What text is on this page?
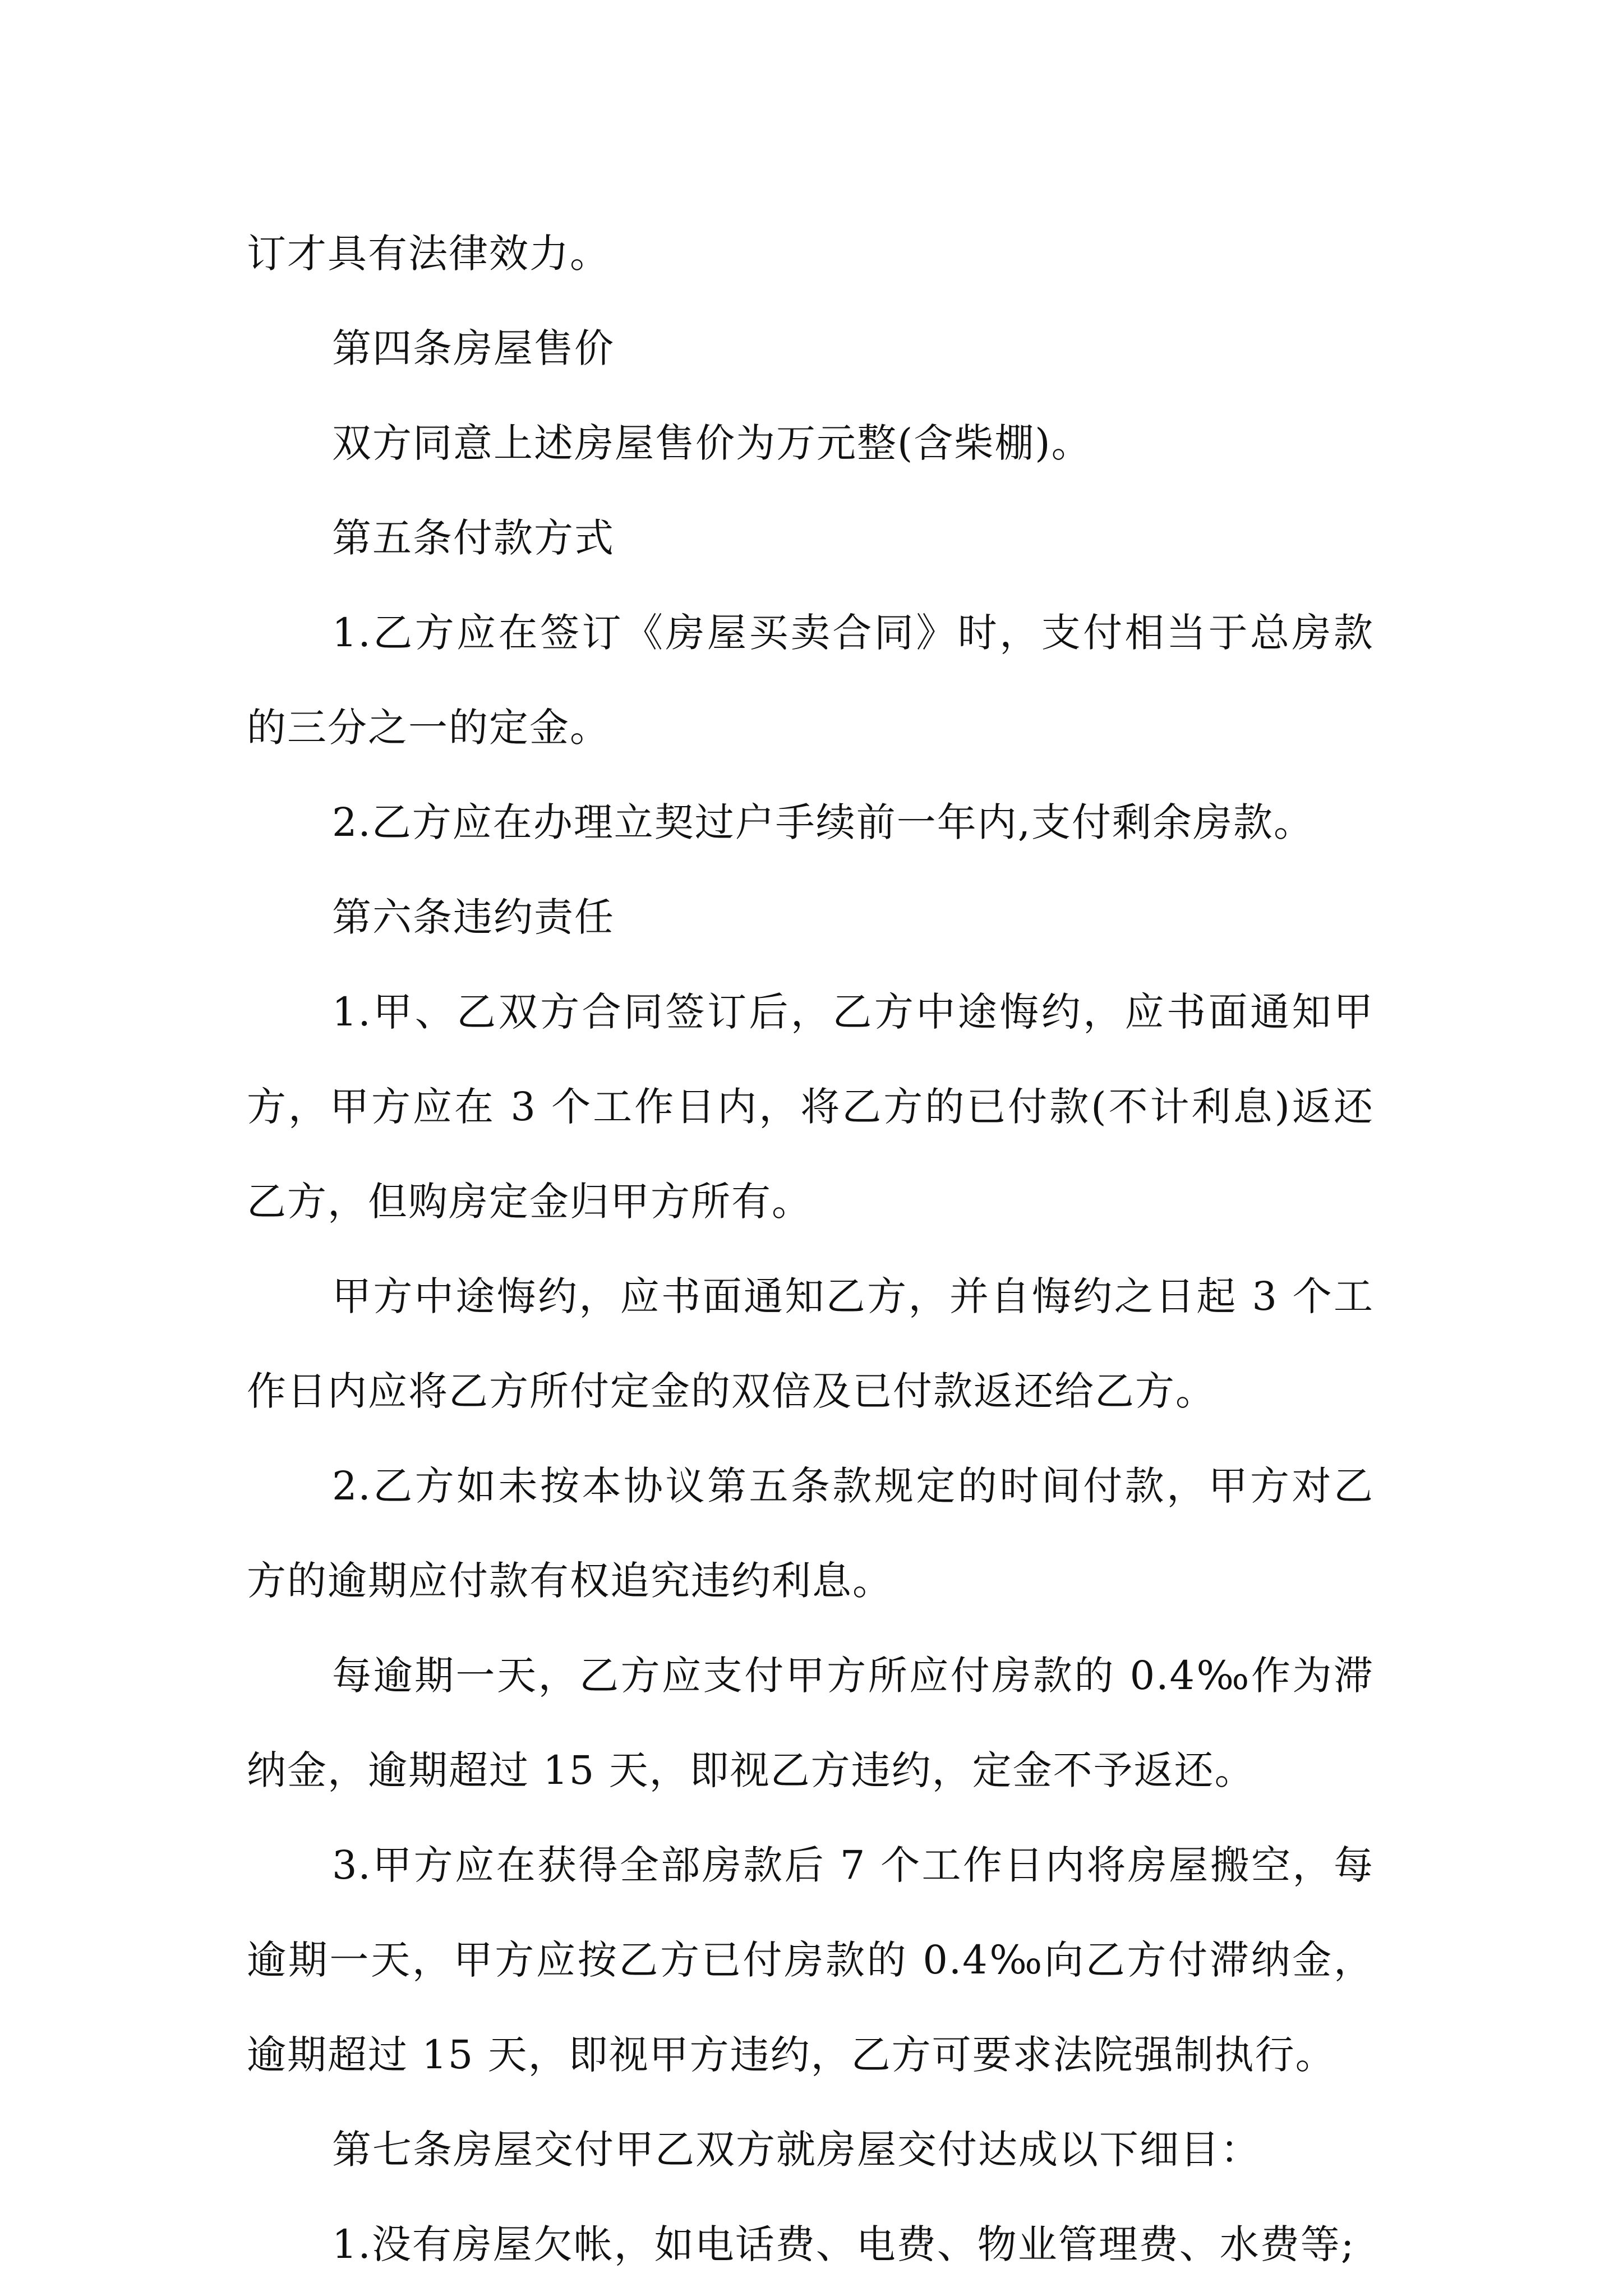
订才具有法律效力。

第四条房屋售价

双方同意上述房屋售价为万元整(含柴棚)。

第五条付款方式

1.乙方应在签订《房屋买卖合同》时，支付相当于总房款的三分之一的定金。

2.乙方应在办理立契过户手续前一年内,支付剩余房款。

第六条违约责任

1.甲、乙双方合同签订后，乙方中途悔约，应书面通知甲方，甲方应在 3 个工作日内，将乙方的已付款(不计利息)返还乙方，但购房定金归甲方所有。

甲方中途悔约，应书面通知乙方，并自悔约之日起 3 个工作日内应将乙方所付定金的双倍及已付款返还给乙方。

2.乙方如未按本协议第五条款规定的时间付款，甲方对乙方的逾期应付款有权追究违约利息。

每逾期一天，乙方应支付甲方所应付房款的 0.4‰作为滞纳金，逾期超过 15 天，即视乙方违约，定金不予返还。

3.甲方应在获得全部房款后 7 个工作日内将房屋搬空，每逾期一天，甲方应按乙方已付房款的 0.4‰向乙方付滞纳金，逾期超过 15 天，即视甲方违约，乙方可要求法院强制执行。

第七条房屋交付甲乙双方就房屋交付达成以下细目：

1.没有房屋欠帐，如电话费、电费、物业管理费、水费等;
